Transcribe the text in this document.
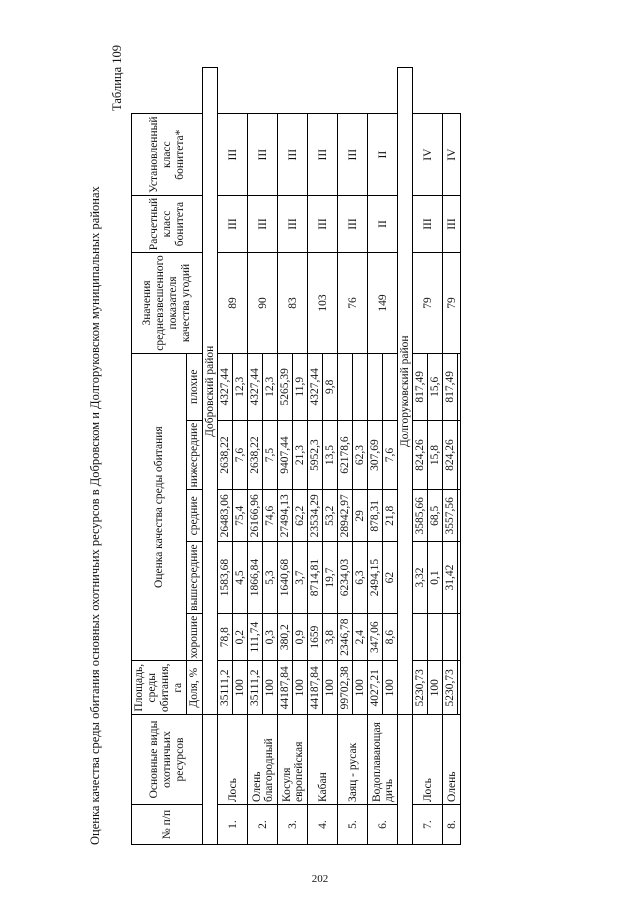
Оценка качества среды обитания основных охотничьих ресурсов в Добровском и Долгоруковском муниципальных районах
Таблица 109
№ п/п	Основные виды охотничьих ресурсов	Площадь, среды обитания, га	Оценка качества среды обитания					Значения средневзвешенного показателя качества угодий	Расчетный класс бонитета	Установленный класс бонитета*
		Доля, %	хорошие	вышесредние	средние	нижесредние	плохие			
		Добровский район								
1.	Лось	35111,2	78,8	1583,68	26483,06	2638,22	4327,44	89	III	III
		100	0,2	4,5	75,4	7,6	12,3			
2.	Олень благородный	35111,2	111,74	1866,84	26166,96	2638,22	4327,44	90	III	III
		100	0,3	5,3	74,6	7,5	12,3			
3.	Косуля европейская	44187,84	380,2	1640,68	27494,13	9407,44	5265,39	83	III	III
		100	0,9	3,7	62,2	21,3	11,9			
4.	Кабан	44187,84	1659	8714,81	23534,29	5952,3	4327,44	103	III	III
		100	3,8	19,7	53,2	13,5	9,8			
5.	Заяц - русак	99702,38	2346,78	6234,03	28942,97	62178,6		76	III	III
		100	2,4	6,3	29	62,3				
6.	Водоплавающая дичь	4027,21	347,06	2494,15	878,31	307,69		149	II	II
		100	8,6	62	21,8	7,6				
		Долгоруковский район								
7.	Лось	5230,73		3,32	3585,66	824,26	817,49	79	III	IV
		100		0,1	68,5	15,8	15,6			
8.	Олень	5230,73		31,42	3557,56	824,26	817,49	79	III	IV

202
